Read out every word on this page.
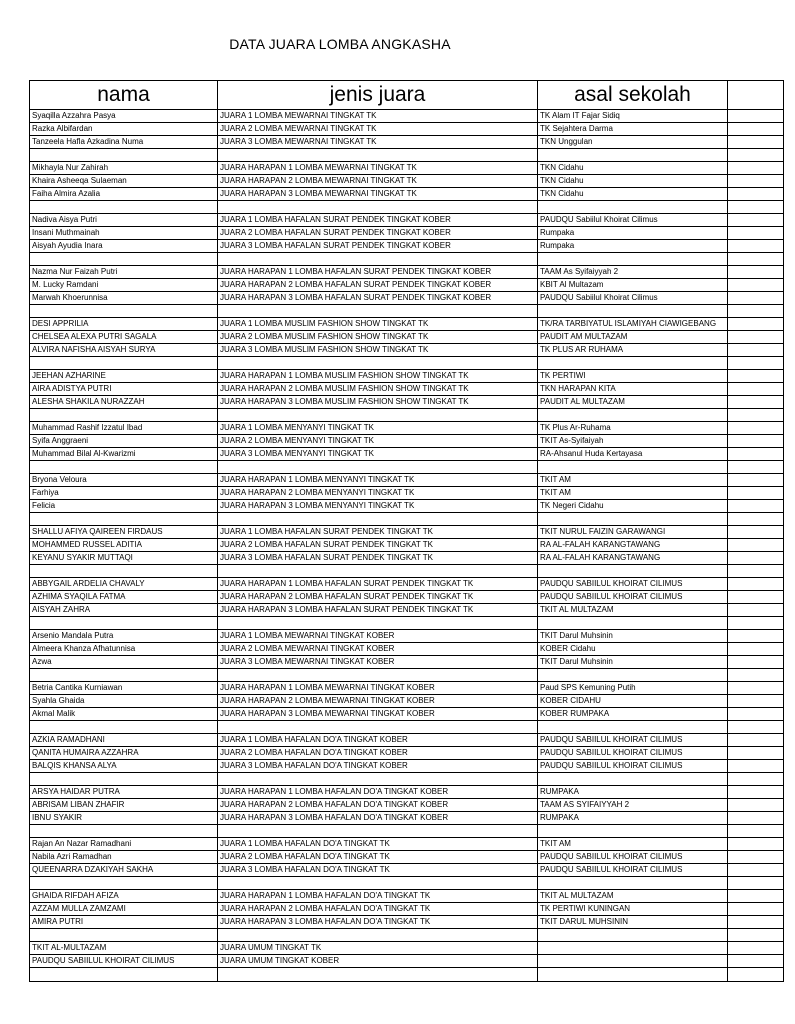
DATA JUARA LOMBA ANGKASHA
nama	jenis juara	asal sekolah	
Syaqilla Azzahra Pasya	JUARA 1 LOMBA MEWARNAI TINGKAT TK	TK Alam IT Fajar Sidiq	
Razka Albifardan	JUARA 2 LOMBA MEWARNAI TINGKAT TK	TK Sejahtera Darma	
Tanzeela Hafla Azkadina Numa	JUARA 3 LOMBA MEWARNAI TINGKAT TK	TKN Unggulan	

Mikhayla Nur Zahirah	JUARA HARAPAN 1 LOMBA MEWARNAI TINGKAT TK	TKN Cidahu	
Khaira Asheeqa Sulaeman	JUARA HARAPAN 2 LOMBA MEWARNAI TINGKAT TK	TKN Cidahu	
Faiha Almira Azalia	JUARA HARAPAN 3 LOMBA MEWARNAI TINGKAT TK	TKN Cidahu	

Nadiva Aisya Putri	JUARA 1 LOMBA HAFALAN SURAT PENDEK TINGKAT KOBER	PAUDQU Sabiilul Khoirat Cilimus	
Insani Muthmainah	JUARA 2 LOMBA HAFALAN SURAT PENDEK TINGKAT KOBER	Rumpaka	
Aisyah Ayudia Inara	JUARA 3 LOMBA HAFALAN SURAT PENDEK TINGKAT KOBER	Rumpaka	

Nazma Nur Faizah Putri	JUARA HARAPAN 1 LOMBA HAFALAN SURAT PENDEK TINGKAT KOBER	TAAM As Syifaiyyah 2	
M. Lucky Ramdani	JUARA HARAPAN 2 LOMBA HAFALAN SURAT PENDEK TINGKAT KOBER	KBIT Al Multazam	
Marwah Khoerunnisa	JUARA HARAPAN 3 LOMBA HAFALAN SURAT PENDEK TINGKAT KOBER	PAUDQU Sabiilul Khoirat Cilimus	

DESI APPRILIA	JUARA 1 LOMBA MUSLIM FASHION SHOW TINGKAT TK	TK/RA TARBIYATUL ISLAMIYAH CIAWIGEBANG	
CHELSEA ALEXA PUTRI SAGALA	JUARA 2 LOMBA MUSLIM FASHION SHOW TINGKAT TK	PAUDIT AM MULTAZAM	
ALVIRA NAFISHA AISYAH SURYA	JUARA 3 LOMBA MUSLIM FASHION SHOW TINGKAT TK	TK PLUS AR RUHAMA	

JEEHAN AZHARINE	JUARA HARAPAN 1 LOMBA MUSLIM FASHION SHOW TINGKAT TK	TK PERTIWI	
AIRA ADISTYA PUTRI	JUARA HARAPAN 2 LOMBA MUSLIM FASHION SHOW TINGKAT TK	TKN HARAPAN KITA	
ALESHA SHAKILA NURAZZAH	JUARA HARAPAN 3 LOMBA MUSLIM FASHION SHOW TINGKAT TK	PAUDIT AL MULTAZAM	

Muhammad Rashif Izzatul Ibad	JUARA 1 LOMBA MENYANYI TINGKAT TK	TK Plus Ar-Ruhama	
Syifa Anggraeni	JUARA 2 LOMBA MENYANYI TINGKAT TK	TKIT As-Syifaiyah	
Muhammad Bilal Al-Kwarizmi	JUARA 3 LOMBA MENYANYI TINGKAT TK	RA-Ahsanul Huda Kertayasa	

Bryona Veloura	JUARA HARAPAN 1 LOMBA MENYANYI TINGKAT TK	TKIT AM	
Farhiya	JUARA HARAPAN 2 LOMBA MENYANYI TINGKAT TK	TKIT AM	
Felicia	JUARA HARAPAN 3 LOMBA MENYANYI TINGKAT TK	TK Negeri Cidahu	

SHALLU AFIYA QAIREEN FIRDAUS	JUARA 1 LOMBA HAFALAN SURAT PENDEK TINGKAT TK	TKIT NURUL FAIZIN GARAWANGI	
MOHAMMED RUSSEL ADITIA	JUARA 2 LOMBA HAFALAN SURAT PENDEK TINGKAT TK	RA AL-FALAH KARANGTAWANG	
KEYANU SYAKIR MUTTAQI	JUARA 3 LOMBA HAFALAN SURAT PENDEK TINGKAT TK	RA AL-FALAH KARANGTAWANG	

ABBYGAIL ARDELIA CHAVALY	JUARA HARAPAN 1 LOMBA HAFALAN SURAT PENDEK TINGKAT TK	PAUDQU SABIILUL KHOIRAT CILIMUS	
AZHIMA SYAQILA FATMA	JUARA HARAPAN 2 LOMBA HAFALAN SURAT PENDEK TINGKAT TK	PAUDQU SABIILUL KHOIRAT CILIMUS	
AISYAH ZAHRA	JUARA HARAPAN 3 LOMBA HAFALAN SURAT PENDEK TINGKAT TK	TKIT AL MULTAZAM	

Arsenio Mandala Putra	JUARA 1 LOMBA MEWARNAI TINGKAT KOBER	TKIT Darul Muhsinin	
Almeera Khanza Afhatunnisa	JUARA 2 LOMBA MEWARNAI TINGKAT KOBER	KOBER Cidahu	
Azwa	JUARA 3 LOMBA MEWARNAI TINGKAT KOBER	TKIT Darul Muhsinin	

Betria Cantika Kurniawan	JUARA HARAPAN 1 LOMBA MEWARNAI TINGKAT KOBER	Paud SPS Kemuning Putih	
Syahla Ghaida	JUARA HARAPAN 2 LOMBA MEWARNAI TINGKAT KOBER	KOBER CIDAHU	
Akmal Malik	JUARA HARAPAN 3 LOMBA MEWARNAI TINGKAT KOBER	KOBER RUMPAKA	

AZKIA RAMADHANI	JUARA 1 LOMBA HAFALAN DO'A TINGKAT KOBER	PAUDQU SABIILUL KHOIRAT CILIMUS	
QANITA HUMAIRA AZZAHRA	JUARA 2 LOMBA HAFALAN DO'A TINGKAT KOBER	PAUDQU SABIILUL KHOIRAT CILIMUS	
BALQIS KHANSA ALYA	JUARA 3 LOMBA HAFALAN DO'A TINGKAT KOBER	PAUDQU SABIILUL KHOIRAT CILIMUS	

ARSYA HAIDAR PUTRA	JUARA HARAPAN 1 LOMBA HAFALAN DO'A TINGKAT KOBER	RUMPAKA	
ABRISAM LIBAN ZHAFIR	JUARA HARAPAN 2 LOMBA HAFALAN DO'A TINGKAT KOBER	TAAM AS SYIFAIYYAH 2	
IBNU SYAKIR	JUARA HARAPAN 3 LOMBA HAFALAN DO'A TINGKAT KOBER	RUMPAKA	

Rajan An Nazar Ramadhani	JUARA 1 LOMBA HAFALAN DO'A TINGKAT TK	TKIT AM	
Nabila Azri Ramadhan	JUARA 2 LOMBA HAFALAN DO'A TINGKAT TK	PAUDQU SABIILUL KHOIRAT CILIMUS	
QUEENARRA DZAKIYAH SAKHA	JUARA 3 LOMBA HAFALAN DO'A TINGKAT TK	PAUDQU SABIILUL KHOIRAT CILIMUS	

GHAIDA RIFDAH AFIZA	JUARA HARAPAN 1 LOMBA HAFALAN DO'A TINGKAT TK	TKIT AL MULTAZAM	
AZZAM MULLA ZAMZAMI	JUARA HARAPAN 2 LOMBA HAFALAN DO'A TINGKAT TK	TK PERTIWI KUNINGAN	
AMIRA PUTRI	JUARA HARAPAN 3 LOMBA HAFALAN DO'A TINGKAT TK	TKIT DARUL MUHSININ	

TKIT AL-MULTAZAM	JUARA UMUM TINGKAT TK		
PAUDQU SABIILUL KHOIRAT CILIMUS	JUARA UMUM TINGKAT KOBER		
